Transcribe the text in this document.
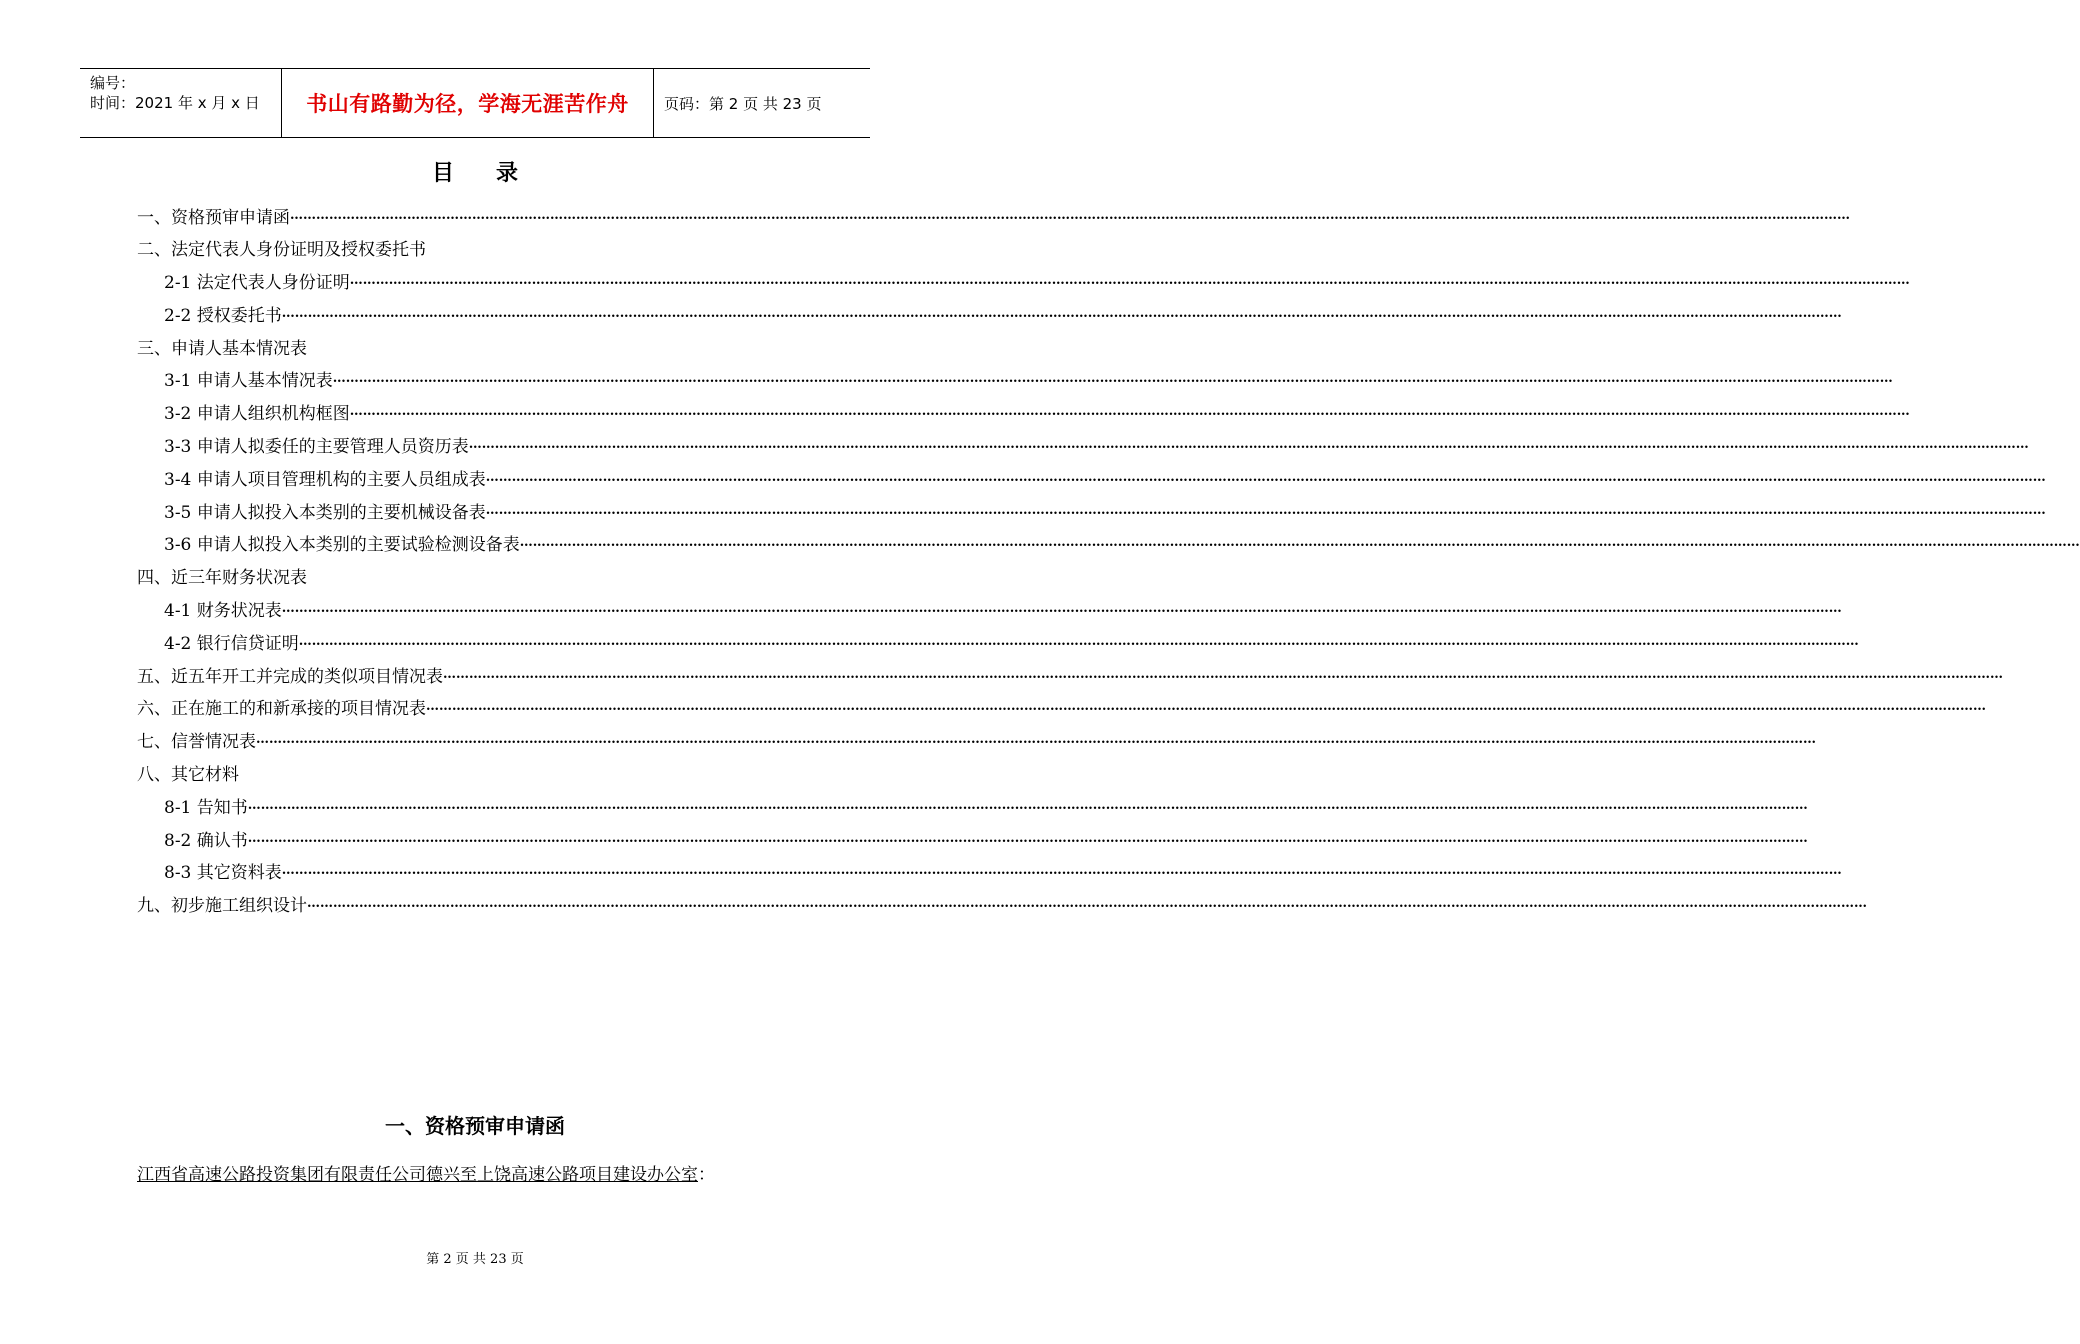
编号：
时间：2021 年 x 月 x 日	书山有路勤为径，学海无涯苦作舟	页码：第 2 页 共 23 页
目 录
一、资格预审申请函 ………………………………………………………………………………………………………………………………………………………………………………………………………………………………………………………………………………………………………………………………
二、法定代表人身份证明及授权委托书
2-1 法定代表人身份证明 ………………………………………………………………………………………………………………………………………………………………………………………………………………………………………………………………………………………………………………………………
2-2 授权委托书 ………………………………………………………………………………………………………………………………………………………………………………………………………………………………………………………………………………………………………………………………
三、申请人基本情况表
3-1 申请人基本情况表 ………………………………………………………………………………………………………………………………………………………………………………………………………………………………………………………………………………………………………………………………
3-2 申请人组织机构框图 ………………………………………………………………………………………………………………………………………………………………………………………………………………………………………………………………………………………………………………………………
3-3 申请人拟委任的主要管理人员资历表 ………………………………………………………………………………………………………………………………………………………………………………………………………………………………………………………………………………………………………………………………
3-4 申请人项目管理机构的主要人员组成表 ………………………………………………………………………………………………………………………………………………………………………………………………………………………………………………………………………………………………………………………………
3-5 申请人拟投入本类别的主要机械设备表 ………………………………………………………………………………………………………………………………………………………………………………………………………………………………………………………………………………………………………………………………
3-6 申请人拟投入本类别的主要试验检测设备表 ………………………………………………………………………………………………………………………………………………………………………………………………………………………………………………………………………………………………………………………………
四、近三年财务状况表
4-1 财务状况表 ………………………………………………………………………………………………………………………………………………………………………………………………………………………………………………………………………………………………………………………………
4-2 银行信贷证明 ………………………………………………………………………………………………………………………………………………………………………………………………………………………………………………………………………………………………………………………………
五、近五年开工并完成的类似项目情况表 ………………………………………………………………………………………………………………………………………………………………………………………………………………………………………………………………………………………………………………………………
六、正在施工的和新承接的项目情况表 ………………………………………………………………………………………………………………………………………………………………………………………………………………………………………………………………………………………………………………………………
七、信誉情况表 ………………………………………………………………………………………………………………………………………………………………………………………………………………………………………………………………………………………………………………………………
八、其它材料
8-1 告知书 ………………………………………………………………………………………………………………………………………………………………………………………………………………………………………………………………………………………………………………………………
8-2 确认书 ………………………………………………………………………………………………………………………………………………………………………………………………………………………………………………………………………………………………………………………………
8-3 其它资料表 ………………………………………………………………………………………………………………………………………………………………………………………………………………………………………………………………………………………………………………………………
九、初步施工组织设计 ………………………………………………………………………………………………………………………………………………………………………………………………………………………………………………………………………………………………………………………………
一、资格预审申请函
江西省高速公路投资集团有限责任公司德兴至上饶高速公路项目建设办公室：
第 2 页 共 23 页
